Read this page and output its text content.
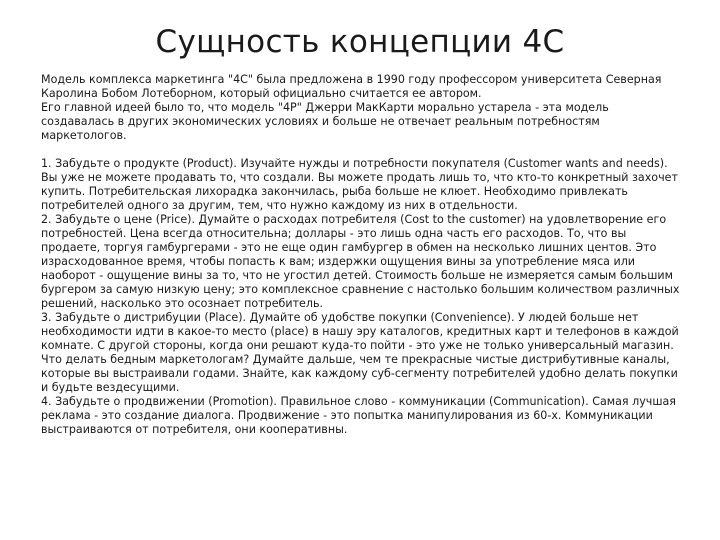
Сущность концепции 4С

Модель комплекса маркетинга "4С" была предложена в 1990 году профессором университета Северная Каролина Бобом Лотеборном, который официально считается ее автором.

Его главной идеей было то, что модель "4Р" Джерри МакКарти морально устарела - эта модель создавалась в других экономических условиях и больше не отвечает реальным потребностям маркетологов.

1. Забудьте о продукте (Product). Изучайте нужды и потребности покупателя (Customer wants and needs). Вы уже не можете продавать то, что создали. Вы можете продать лишь то, что кто-то конкретный захочет купить. Потребительская лихорадка закончилась, рыба больше не клюет. Необходимо привлекать потребителей одного за другим, тем, что нужно каждому из них в отдельности.

2. Забудьте о цене (Price). Думайте о расходах потребителя (Cost to the customer) на удовлетворение его потребностей. Цена всегда относительна; доллары - это лишь одна часть его расходов. То, что вы продаете, торгуя гамбургерами - это не еще один гамбургер в обмен на несколько лишних центов. Это израсходованное время, чтобы попасть к вам; издержки ощущения вины за употребление мяса или наоборот - ощущение вины за то, что не угостил детей. Стоимость больше не измеряется самым большим бургером за самую низкую цену; это комплексное сравнение с настолько большим количеством различных решений, насколько это осознает потребитель.

3. Забудьте о дистрибуции (Place). Думайте об удобстве покупки (Convenience). У людей больше нет необходимости идти в какое-то место (place) в нашу эру каталогов, кредитных карт и телефонов в каждой комнате. С другой стороны, когда они решают куда-то пойти - это уже не только универсальный магазин. Что делать бедным маркетологам? Думайте дальше, чем те прекрасные чистые дистрибутивные каналы, которые вы выстраивали годами. Знайте, как каждому суб-сегменту потребителей удобно делать покупки и будьте вездесущими.

4. Забудьте о продвижении (Promotion). Правильное слово - коммуникации (Communication). Самая лучшая реклама - это создание диалога. Продвижение - это попытка манипулирования из 60-х. Коммуникации выстраиваются от потребителя, они кооперативны.
